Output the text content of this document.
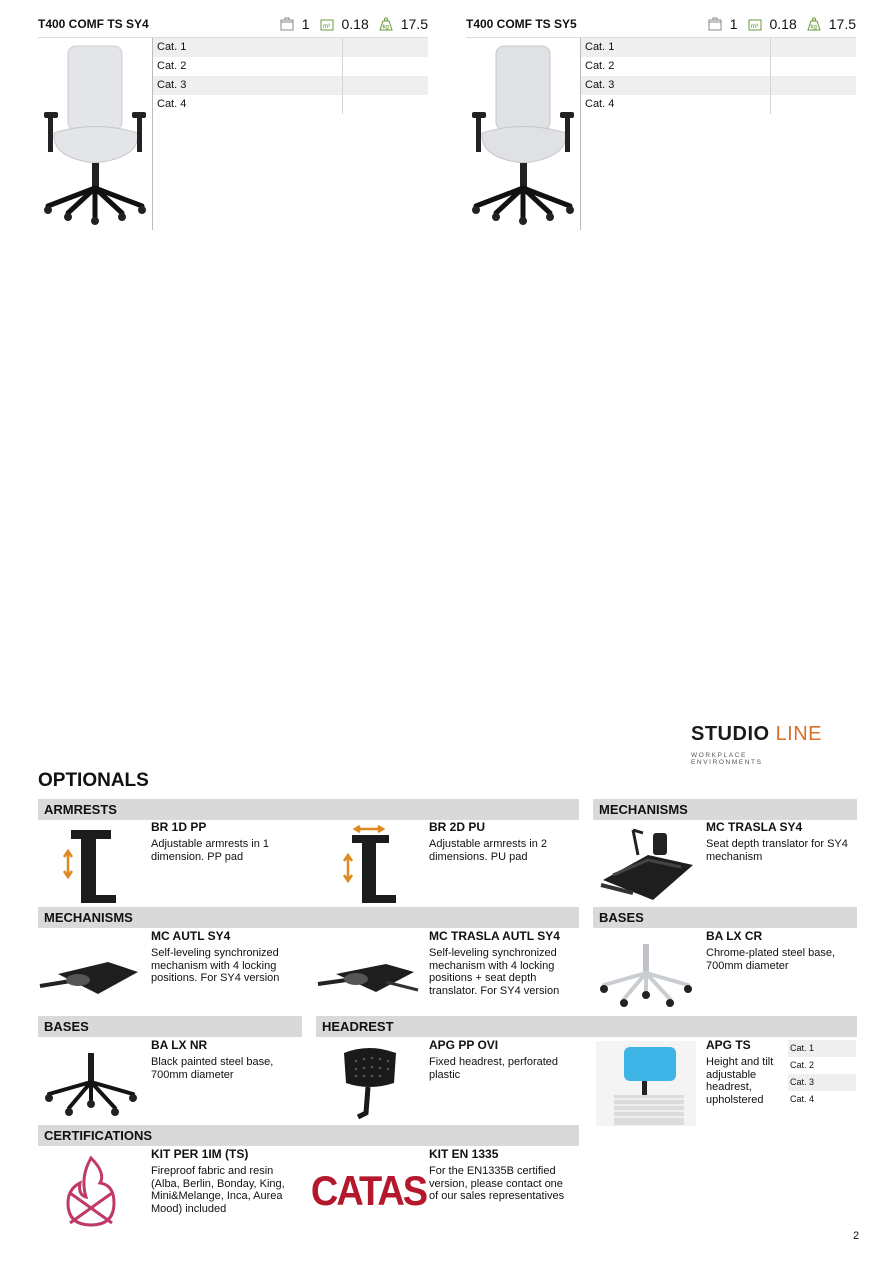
T400 COMF TS SY4	1 m³ 0.18 kg 17.5
Cat. 1
Cat. 2
Cat. 3
Cat. 4
T400 COMF TS SY5	1 m³ 0.18 kg 17.5
Cat. 1
Cat. 2
Cat. 3
Cat. 4
STUDIO LINE
WORKPLACE ENVIRONMENTS
OPTIONALS
ARMRESTS	MECHANISMS
MECHANISMS	BASES
BASES	HEADREST
CERTIFICATIONS
BR 1D PP
Adjustable armrests in 1 dimension. PP pad
BR 2D PU
Adjustable armrests in 2 dimensions. PU pad
MC TRASLA SY4
Seat depth translator for SY4 mechanism
MC AUTL SY4
Self-leveling synchronized mechanism with 4 locking positions. For SY4 version
MC TRASLA AUTL SY4
Self-leveling synchronized mechanism with 4 locking positions + seat depth translator. For SY4 version
BA LX CR
Chrome-plated steel base, 700mm diameter
BA LX NR
Black painted steel base, 700mm diameter
APG PP OVI
Fixed headrest, perforated plastic
APG TS
Height and tilt adjustable headrest, upholstered
Cat. 1
Cat. 2
Cat. 3
Cat. 4
KIT PER 1IM (TS)
Fireproof fabric and resin (Alba, Berlin, Bonday, King, Mini&Melange, Inca, Aurea Mood) included	CATAS
KIT EN 1335
For the EN1335B certified version, please contact one of our sales representatives
2
